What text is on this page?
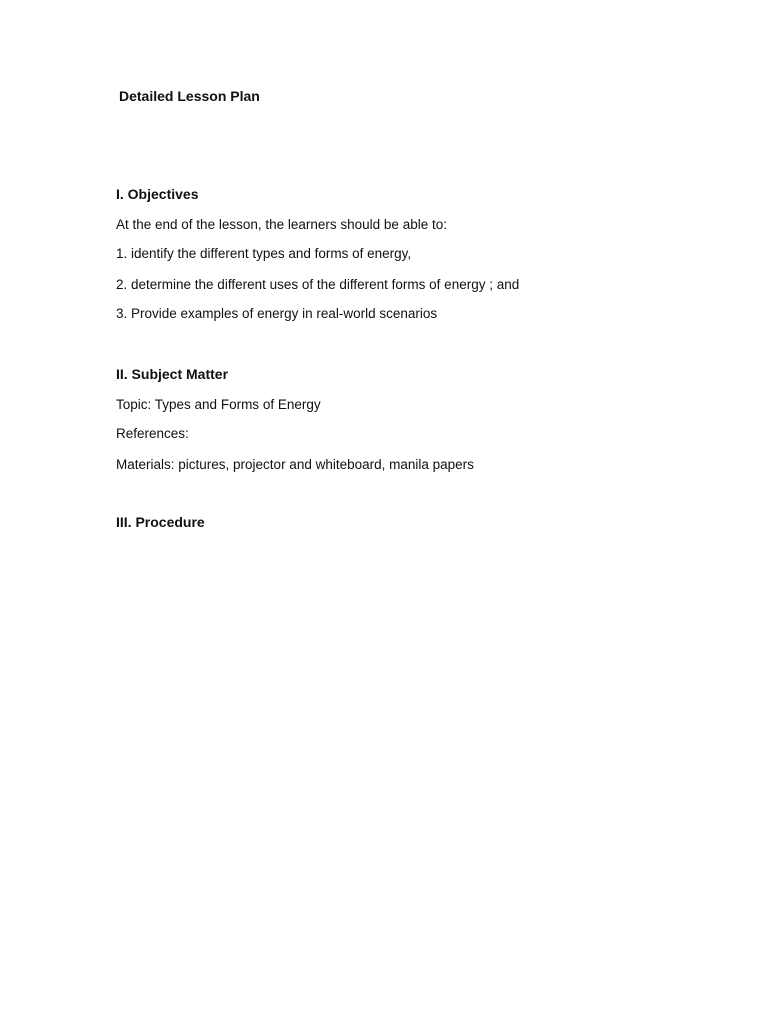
Detailed Lesson Plan
I. Objectives
At the end of the lesson, the learners should be able to:
1. identify the different types and forms of energy,
2. determine the different uses of the different forms of energy ; and
3. Provide examples of energy in real-world scenarios
II. Subject Matter
Topic: Types and Forms of Energy
References:
Materials: pictures, projector and whiteboard, manila papers
III. Procedure
